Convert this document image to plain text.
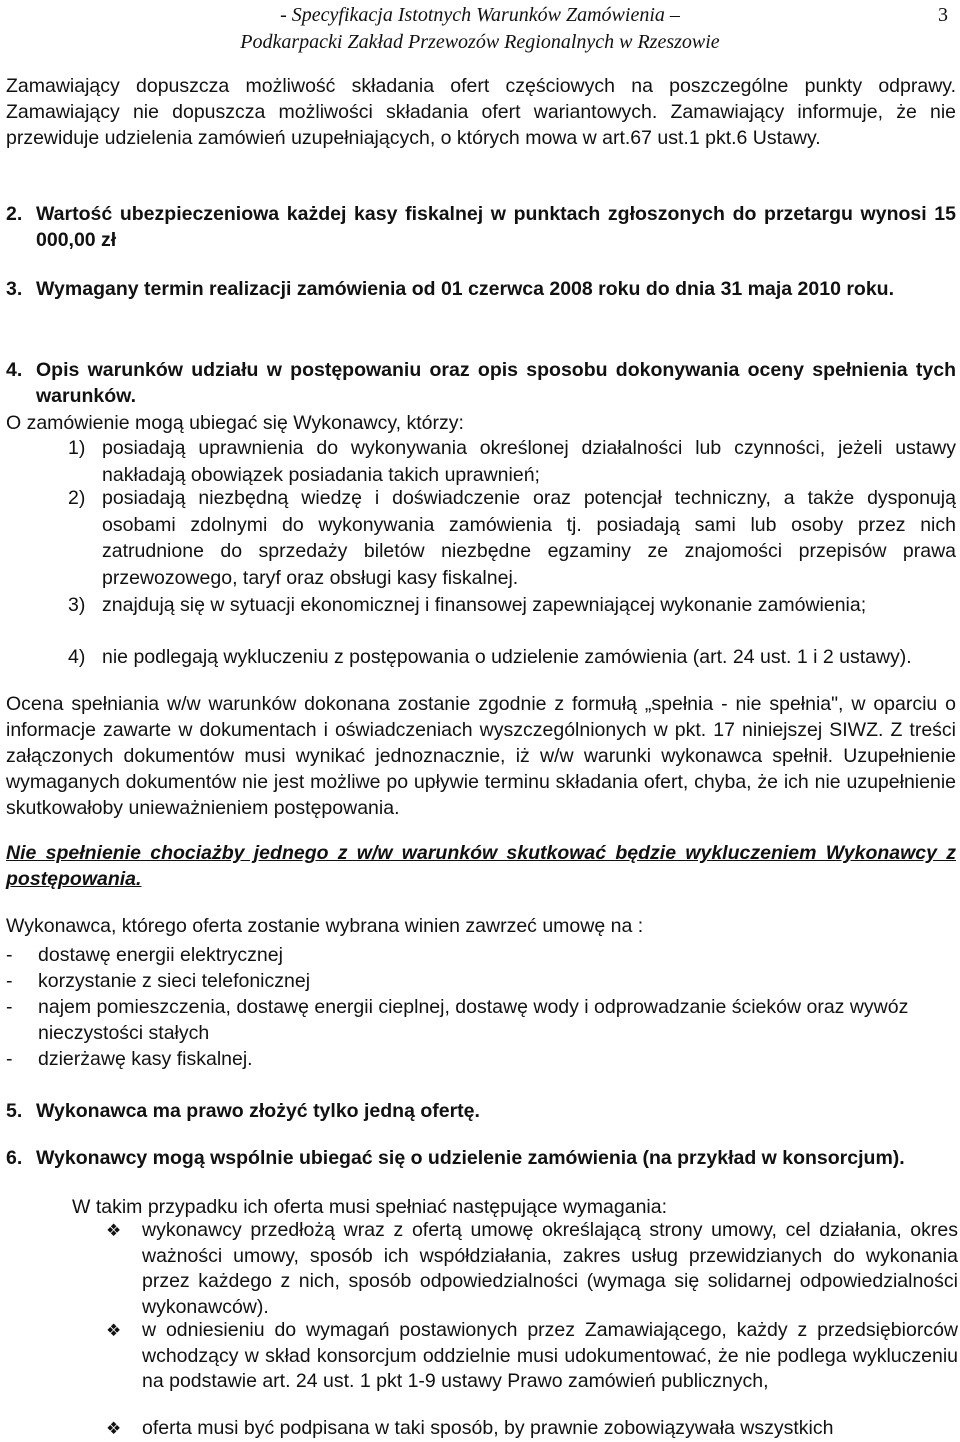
- Specyfikacja Istotnych Warunków Zamówienia –
Podkarpacki Zakład Przewozów Regionalnych w Rzeszowie
3
Zamawiający dopuszcza możliwość składania ofert częściowych na poszczególne punkty odprawy. Zamawiający nie dopuszcza możliwości składania ofert wariantowych. Zamawiający informuje, że nie przewiduje udzielenia zamówień uzupełniających, o których mowa w art.67 ust.1 pkt.6 Ustawy.
2. Wartość ubezpieczeniowa każdej kasy fiskalnej w punktach zgłoszonych do przetargu wynosi 15 000,00 zł
3. Wymagany termin realizacji zamówienia od 01 czerwca 2008 roku do dnia 31 maja 2010 roku.
4. Opis warunków udziału w postępowaniu oraz opis sposobu dokonywania oceny spełnienia tych warunków.
O zamówienie mogą ubiegać się Wykonawcy, którzy:
1) posiadają uprawnienia do wykonywania określonej działalności lub czynności, jeżeli ustawy nakładają obowiązek posiadania takich uprawnień;
2) posiadają niezbędną wiedzę i doświadczenie oraz potencjał techniczny, a także dysponują osobami zdolnymi do wykonywania zamówienia tj. posiadają sami lub osoby przez nich zatrudnione do sprzedaży biletów niezbędne egzaminy ze znajomości przepisów prawa przewozowego, taryf oraz obsługi kasy fiskalnej.
3) znajdują się w sytuacji ekonomicznej i finansowej zapewniającej wykonanie zamówienia;
4) nie podlegają wykluczeniu z postępowania o udzielenie zamówienia (art. 24 ust. 1 i 2 ustawy).
Ocena spełniania w/w warunków dokonana zostanie zgodnie z formułą „spełnia - nie spełnia", w oparciu o informacje zawarte w dokumentach i oświadczeniach wyszczególnionych w pkt. 17 niniejszej SIWZ. Z treści załączonych dokumentów musi wynikać jednoznacznie, iż w/w warunki wykonawca spełnił. Uzupełnienie wymaganych dokumentów nie jest możliwe po upływie terminu składania ofert, chyba, że ich nie uzupełnienie skutkowałoby unieważnieniem postępowania.
Nie spełnienie chociażby jednego z w/w warunków skutkować będzie wykluczeniem Wykonawcy z postępowania.
Wykonawca, którego oferta zostanie wybrana winien zawrzeć umowę na :
- dostawę energii elektrycznej
- korzystanie z sieci telefonicznej
- najem pomieszczenia, dostawę energii cieplnej, dostawę wody i odprowadzanie ścieków oraz wywóz nieczystości stałych
- dzierżawę kasy fiskalnej.
5. Wykonawca ma prawo złożyć tylko jedną ofertę.
6. Wykonawcy mogą wspólnie ubiegać się o udzielenie zamówienia (na przykład w konsorcjum).
W takim przypadku ich oferta musi spełniać następujące wymagania:
❖ wykonawcy przedłożą wraz z ofertą umowę określającą strony umowy, cel działania, okres ważności umowy, sposób ich współdziałania, zakres usług przewidzianych do wykonania przez każdego z nich, sposób odpowiedzialności (wymaga się solidarnej odpowiedzialności wykonawców).
❖ w odniesieniu do wymagań postawionych przez Zamawiającego, każdy z przedsiębiorców wchodzący w skład konsorcjum oddzielnie musi udokumentować, że nie podlega wykluczeniu na podstawie art. 24 ust. 1 pkt 1-9 ustawy Prawo zamówień publicznych,
❖ oferta musi być podpisana w taki sposób, by prawnie zobowiązywała wszystkich
